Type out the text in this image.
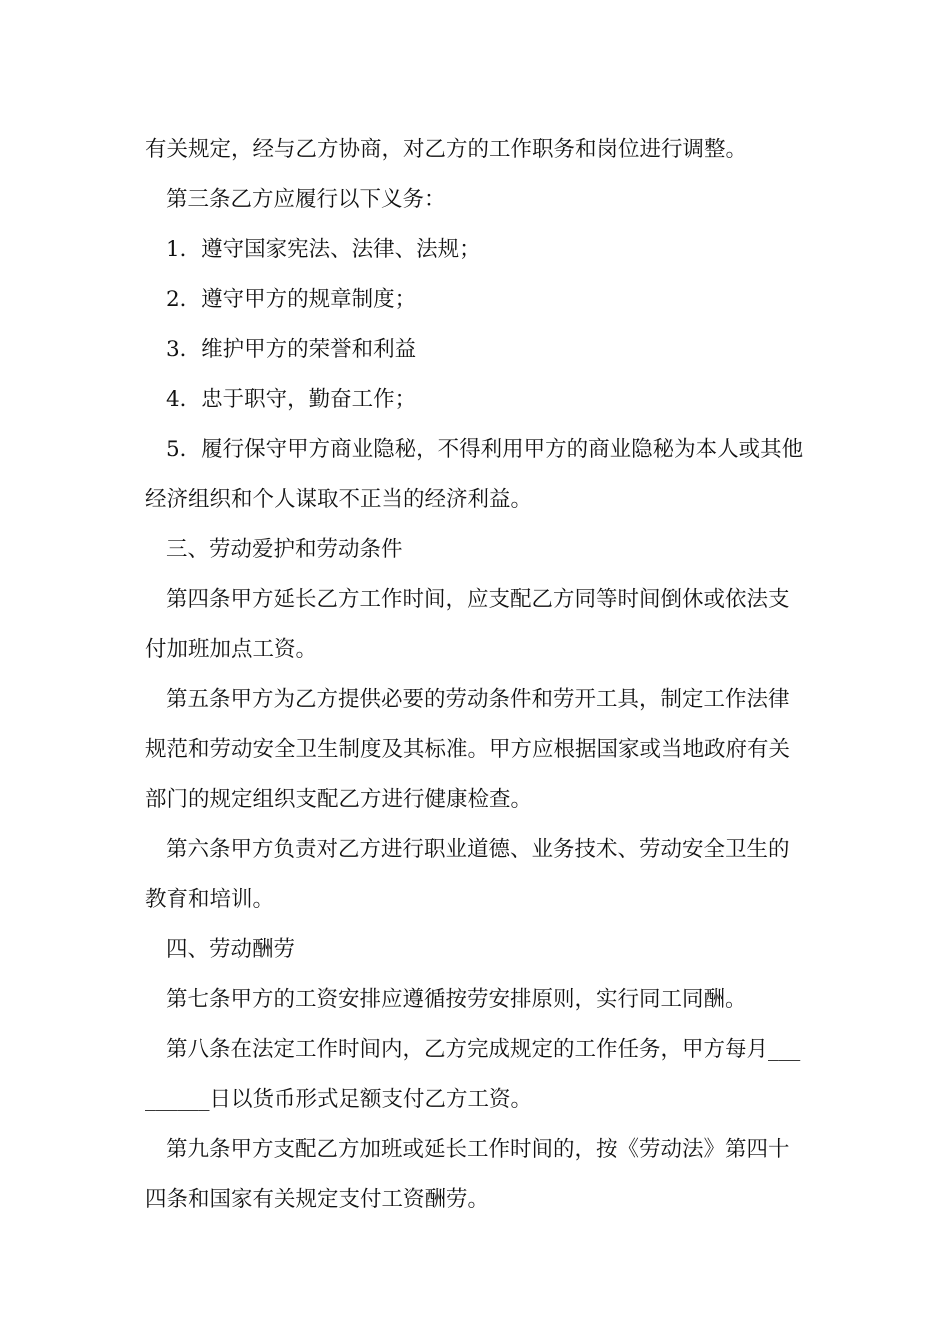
有关规定，经与乙方协商，对乙方的工作职务和岗位进行调整。

第三条乙方应履行以下义务：

1．遵守国家宪法、法律、法规；

2．遵守甲方的规章制度；

3．维护甲方的荣誉和利益

4．忠于职守，勤奋工作；

5．履行保守甲方商业隐秘，不得利用甲方的商业隐秘为本人或其他经济组织和个人谋取不正当的经济利益。

三、劳动爱护和劳动条件

第四条甲方延长乙方工作时间，应支配乙方同等时间倒休或依法支付加班加点工资。

第五条甲方为乙方提供必要的劳动条件和劳开工具，制定工作法律规范和劳动安全卫生制度及其标准。甲方应根据国家或当地政府有关部门的规定组织支配乙方进行健康检查。

第六条甲方负责对乙方进行职业道德、业务技术、劳动安全卫生的教育和培训。

四、劳动酬劳

第七条甲方的工资安排应遵循按劳安排原则，实行同工同酬。

第八条在法定工作时间内，乙方完成规定的工作任务，甲方每月_________日以货币形式足额支付乙方工资。

第九条甲方支配乙方加班或延长工作时间的，按《劳动法》第四十四条和国家有关规定支付工资酬劳。
